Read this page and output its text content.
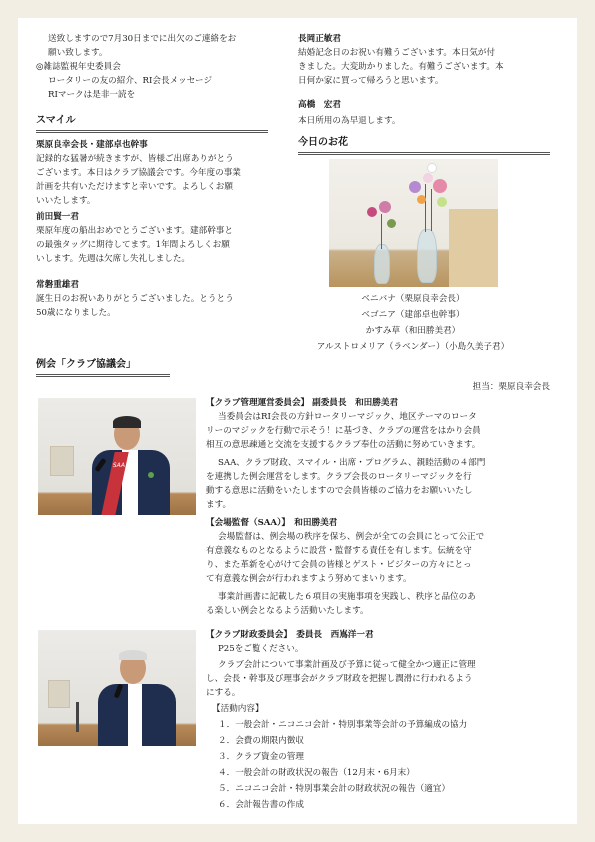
送致しますので7月30日までに出欠のご連絡をお
願い致します。
◎雑誌監視年史委員会
ロータリーの友の紹介、RI会長メッセージ
RIマークは是非一読を
スマイル
栗原良幸会長・建部卓也幹事
記録的な猛暑が続きますが、皆様ご出席ありがとう
ございます。本日はクラブ協議会です。今年度の事業
計画を共有いただけますと幸いです。よろしくお願
いいたします。
前田賢一君
栗原年度の船出おめでとうございます。建部幹事と
の最強タッグに期待してます。1年間よろしくお願
いします。先週は欠席し失礼しました。
常磐重雄君
誕生日のお祝いありがとうございました。とうとう
50歳になりました。
長岡正敏君
結婚記念日のお祝い有難うございます。本日気が付
きました。大変助かりました。有難うございます。本
日何か家に買って帰ろうと思います。
高橋　宏君
本日所用の為早退します。
今日のお花
ベニバナ（栗原良幸会長）
ベゴニア（建部卓也幹事）
かすみ草（和田勝美君）
アルストロメリア（ラベンダー）（小島久美子君）
例会「クラブ協議会」
担当：栗原良幸会長
SAA
【クラブ管理運営委員会】 副委員長　和田勝美君
当委員会はRI会長の方針ロータリーマジック、地区テーマのロータ
リーのマジックを行動で示そう！に基づき、クラブの運営をはかり会員
相互の意思疎通と交流を支援するクラブ奉仕の活動に努めていきます。
SAA、クラブ財政、スマイル・出席・プログラム、親睦活動の４部門
を連携した例会運営をします。クラブ会長のロータリーマジックを行
動する意思に活動をいたしますので会員皆様のご協力をお願いいたし
ます。
【会場監督（SAA）】　和田勝美君
会場監督は、例会場の秩序を保ち、例会が全ての会員にとって公正で
有意義なものとなるように設営・監督する責任を有します。伝統を守
り、また革新を心がけて会員の皆様とゲスト・ビジターの方々にとっ
て有意義な例会が行われますよう努めてまいります。
事業計画書に記載した６項目の実施事項を実践し、秩序と品位のあ
る楽しい例会となるよう活動いたします。
【クラブ財政委員会】　委員長　西嶌洋一君
P25をご覧ください。
クラブ会計について事業計画及び予算に従って健全かつ適正に管理
し、会長・幹事及び理事会がクラブ財政を把握し潤滑に行われるよう
にする。
【活動内容】
１．一般会計・ニコニコ会計・特別事業等会計の予算編成の協力
２．会費の期限内徴収
３．クラブ資金の管理
４．一般会計の財政状況の報告（12月末・6月末）
５．ニコニコ会計・特別事業会計の財政状況の報告（適宜）
６．会計報告書の作成
